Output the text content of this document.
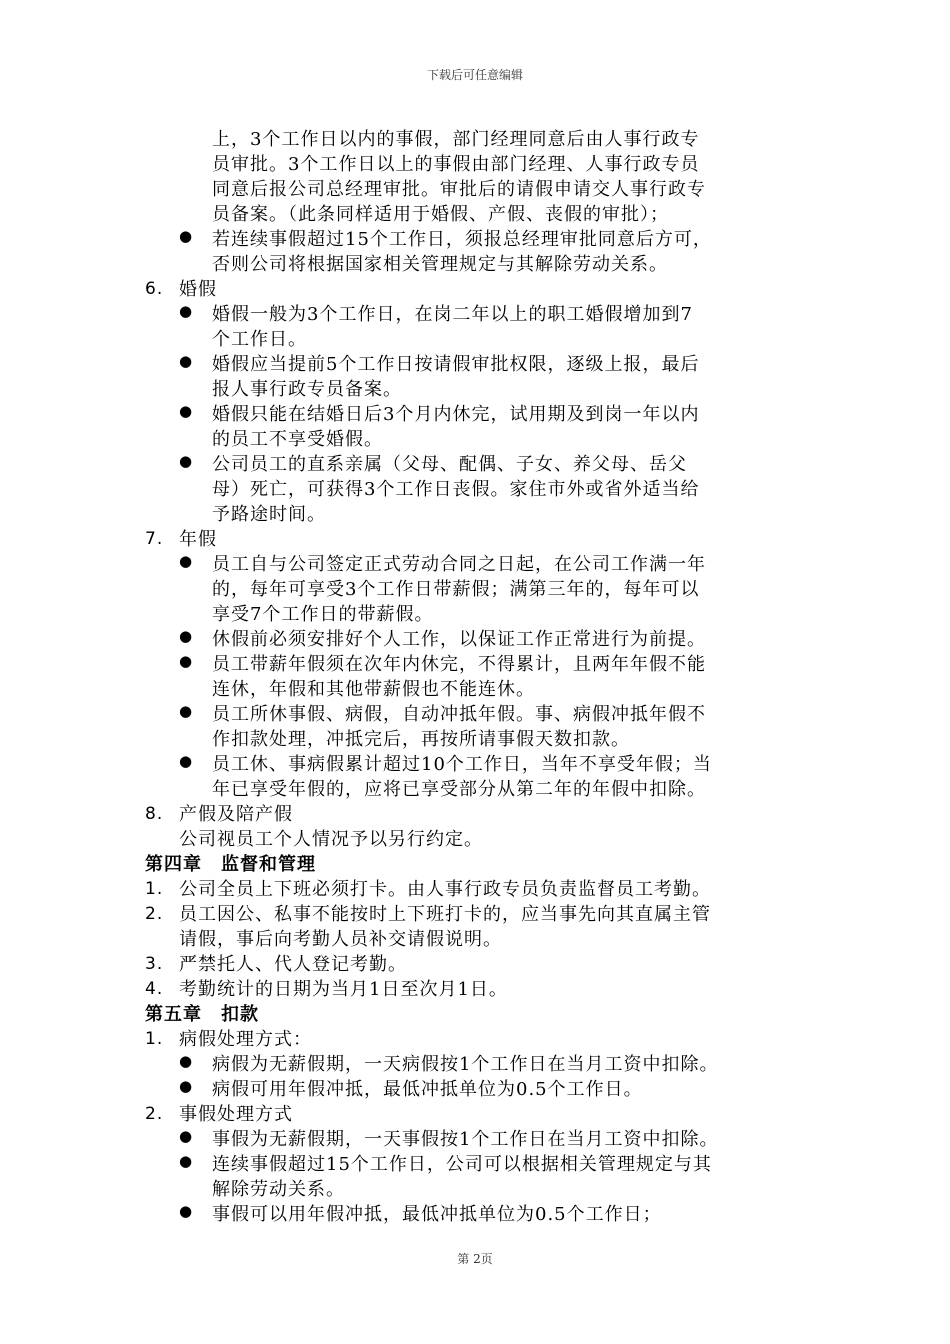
下载后可任意编辑
上，3个工作日以内的事假，部门经理同意后由人事行政专
员审批。3个工作日以上的事假由部门经理、人事行政专员
同意后报公司总经理审批。审批后的请假申请交人事行政专
员备案。（此条同样适用于婚假、产假、丧假的审批）；
● 若连续事假超过15个工作日，须报总经理审批同意后方可，
否则公司将根据国家相关管理规定与其解除劳动关系。
6. 婚假
● 婚假一般为3个工作日，在岗二年以上的职工婚假增加到7
个工作日。
● 婚假应当提前5个工作日按请假审批权限，逐级上报，最后
报人事行政专员备案。
● 婚假只能在结婚日后3个月内休完，试用期及到岗一年以内
的员工不享受婚假。
● 公司员工的直系亲属（父母、配偶、子女、养父母、岳父
母）死亡，可获得3个工作日丧假。家住市外或省外适当给
予路途时间。
7. 年假
● 员工自与公司签定正式劳动合同之日起，在公司工作满一年
的，每年可享受3个工作日带薪假；满第三年的，每年可以
享受7个工作日的带薪假。
● 休假前必须安排好个人工作，以保证工作正常进行为前提。
● 员工带薪年假须在次年内休完，不得累计，且两年年假不能
连休，年假和其他带薪假也不能连休。
● 员工所休事假、病假，自动冲抵年假。事、病假冲抵年假不
作扣款处理，冲抵完后，再按所请事假天数扣款。
● 员工休、事病假累计超过10个工作日，当年不享受年假；当
年已享受年假的，应将已享受部分从第二年的年假中扣除。
8. 产假及陪产假
公司视员工个人情况予以另行约定。
第四章　监督和管理
1. 公司全员上下班必须打卡。由人事行政专员负责监督员工考勤。
2. 员工因公、私事不能按时上下班打卡的，应当事先向其直属主管
请假，事后向考勤人员补交请假说明。
3. 严禁托人、代人登记考勤。
4. 考勤统计的日期为当月1日至次月1日。
第五章　扣款
1. 病假处理方式：
● 病假为无薪假期，一天病假按1个工作日在当月工资中扣除。
● 病假可用年假冲抵，最低冲抵单位为0.5个工作日。
2. 事假处理方式
● 事假为无薪假期，一天事假按1个工作日在当月工资中扣除。
● 连续事假超过15个工作日，公司可以根据相关管理规定与其
解除劳动关系。
● 事假可以用年假冲抵，最低冲抵单位为0.5个工作日；
第 2页
